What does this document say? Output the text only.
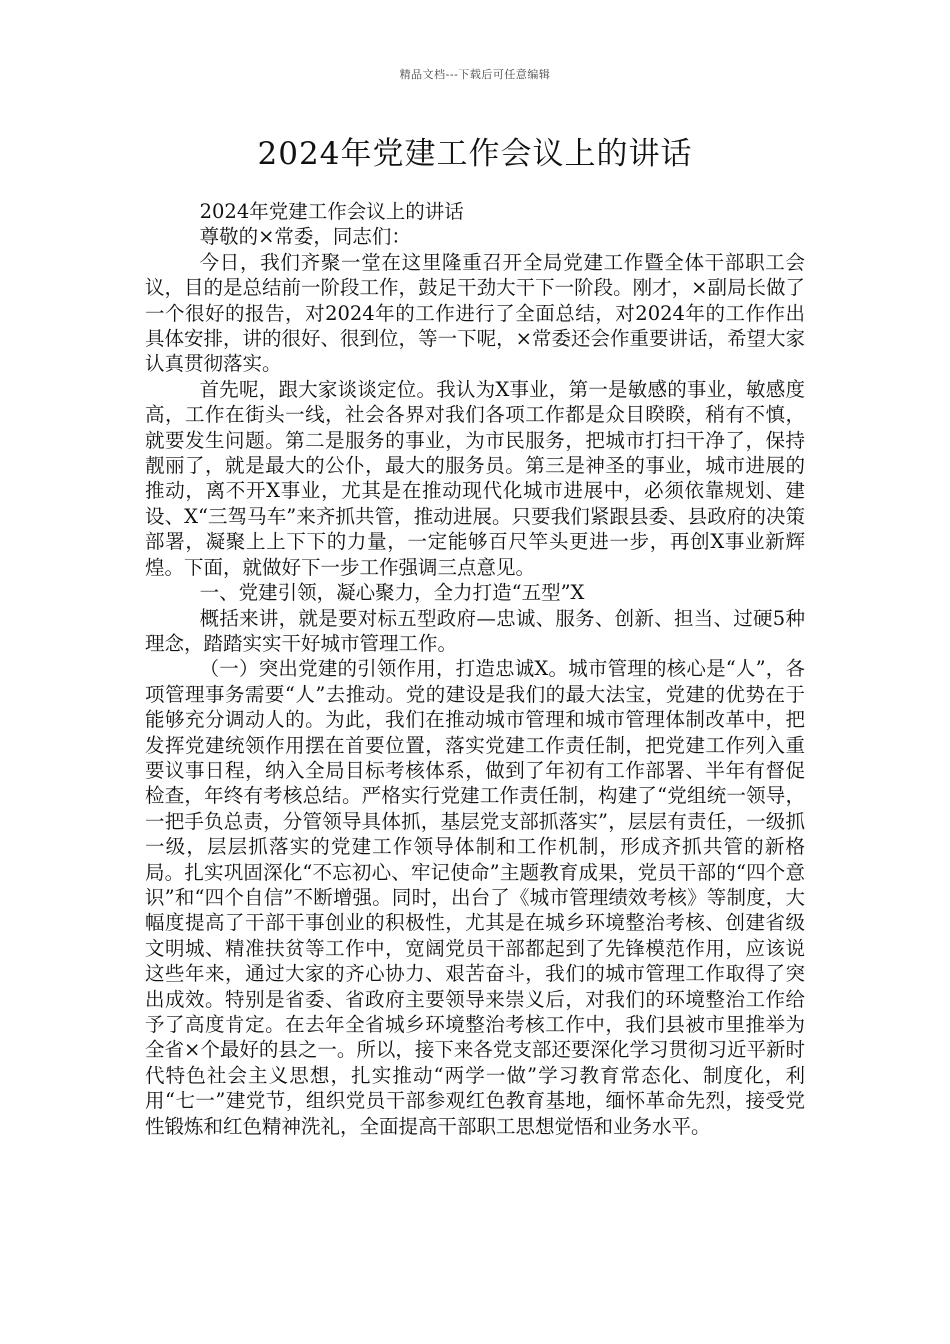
精品文档---下载后可任意编辑
2024年党建工作会议上的讲话

2024年党建工作会议上的讲话

尊敬的×常委，同志们：

今日，我们齐聚一堂在这里隆重召开全局党建工作暨全体干部职工会议，目的是总结前一阶段工作，鼓足干劲大干下一阶段。刚才，×副局长做了一个很好的报告，对2024年的工作进行了全面总结，对2024年的工作作出具体安排，讲的很好、很到位，等一下呢，×常委还会作重要讲话，希望大家认真贯彻落实。

首先呢，跟大家谈谈定位。我认为X事业，第一是敏感的事业，敏感度高，工作在街头一线，社会各界对我们各项工作都是众目睽睽，稍有不慎，就要发生问题。第二是服务的事业，为市民服务，把城市打扫干净了，保持靓丽了，就是最大的公仆，最大的服务员。第三是神圣的事业，城市进展的推动，离不开X事业，尤其是在推动现代化城市进展中，必须依靠规划、建设、X“三驾马车”来齐抓共管，推动进展。只要我们紧跟县委、县政府的决策部署，凝聚上上下下的力量，一定能够百尺竿头更进一步，再创X事业新辉煌。下面，就做好下一步工作强调三点意见。

一、党建引领，凝心聚力，全力打造“五型”X

概括来讲，就是要对标五型政府—忠诚、服务、创新、担当、过硬5种理念，踏踏实实干好城市管理工作。

（一）突出党建的引领作用，打造忠诚X。城市管理的核心是“人”，各项管理事务需要“人”去推动。党的建设是我们的最大法宝，党建的优势在于能够充分调动人的。为此，我们在推动城市管理和城市管理体制改革中，把发挥党建统领作用摆在首要位置，落实党建工作责任制，把党建工作列入重要议事日程，纳入全局目标考核体系，做到了年初有工作部署、半年有督促检查，年终有考核总结。严格实行党建工作责任制，构建了“党组统一领导，一把手负总责，分管领导具体抓，基层党支部抓落实”，层层有责任，一级抓一级，层层抓落实的党建工作领导体制和工作机制，形成齐抓共管的新格局。扎实巩固深化“不忘初心、牢记使命”主题教育成果，党员干部的“四个意识”和“四个自信”不断增强。同时，出台了《城市管理绩效考核》等制度，大幅度提高了干部干事创业的积极性，尤其是在城乡环境整治考核、创建省级文明城、精准扶贫等工作中，宽阔党员干部都起到了先锋模范作用，应该说这些年来，通过大家的齐心协力、艰苦奋斗，我们的城市管理工作取得了突出成效。特别是省委、省政府主要领导来崇义后，对我们的环境整治工作给予了高度肯定。在去年全省城乡环境整治考核工作中，我们县被市里推举为全省×个最好的县之一。所以，接下来各党支部还要深化学习贯彻习近平新时代特色社会主义思想，扎实推动“两学一做”学习教育常态化、制度化，利用“七一”建党节，组织党员干部参观红色教育基地，缅怀革命先烈，接受党性锻炼和红色精神洗礼，全面提高干部职工思想觉悟和业务水平。
